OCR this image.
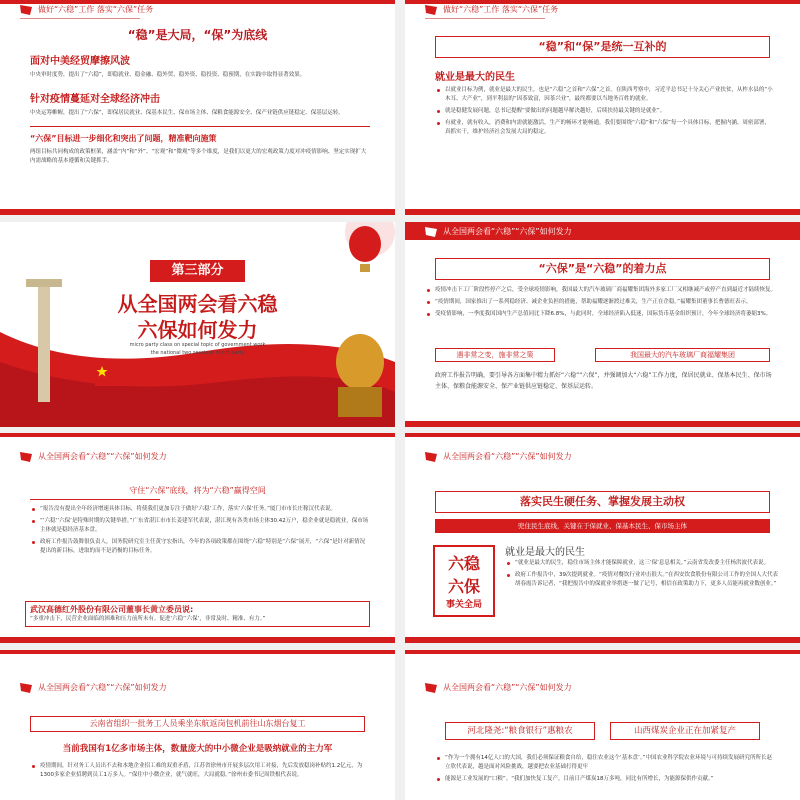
做好“六稳”工作 落实“六保”任务
“稳”是大局，“保”为底线
面对中美经贸摩擦风波
中央审时度势，提出了“六稳”，即稳就业、稳金融、稳外贸、稳外资、稳投资、稳预期，在实践中取得显著效果。
针对疫情蔓延对全球经济冲击
中央运筹帷幄，提出了“六保”，即保居民就业、保基本民生、保市场主体、保粮食能源安全、保产业链供应链稳定、保基层运转。
“六保”目标进一步细化和突出了问题，精准靶向施策
两组目标共同构成的政策框架，涵盖“内”和“外”、“宏观”和“微观”等多个维度，是我们以更大的宏观政策力度对冲疫情影响、坚定实现扩大内需战略的基本遵循和关键抓手。
做好“六稳”工作 落实“六保”任务
“稳”和“保”是统一互补的
就业是最大的民生
以就业目标为例，就业是最大的民生，也是“六稳”之首和“六保”之首。在陕西考察中，习近平总书记十分关心产业扶贫，从柞水县的“小木耳、大产业”，到平利县的“因茶致富，因茶兴业”，最终都要以当地务百姓的就业。
就是稳健发展问题，总书记提醒“要做出的问题越早解决越好，后续扶持最关键的是就业”。
有就业，就有收入，消费和内需就能激活，生产的畅环才能畅通。我们要围绕“六稳”和“六保”每一个具体目标，把握内涵、周密部署，真抓实干，维护经济社会发展大局的稳定。
第三部分
从全国两会看六稳
六保如何发力
micro party class on special topic of government work
the national two sessions micro party
从全国两会看“六稳”“六保”如何发力
“六保”是“六稳”的着力点
疫情冲击下工厂阶段性停产之后，受全球疫情影响，我国最大的汽车玻璃厂商福耀集团海外多家工厂又相继减产或停产直到最近才陆续恢复。
“疫情期间，国家推出了一系列稳经济、减企业负担的措施，帮助福耀逐渐渡过难关，生产正在企稳。”福耀集团董事长曹德旺表示。
受疫情影响，一季度我国国内生产总值同比下降6.8%，与此同时，全球经济陷入低迷，国际货币基金组织预计，今年全球经济将萎缩3%。
遇非常之变，施非常之策	我国最大的汽车玻璃厂商福耀集团
政府工作报告明确，要引导各方面集中精力抓好“六稳”“六保”，并强调加大“六稳”工作力度，保居民就业、保基本民生、保市场主体、保粮食能源安全、保产业链供应链稳定、保基层运转。
从全国两会看“六稳”“六保”如何发力
守住“六保”底线，将为“六稳”赢得空间
“报告没有提出全年经济增速具体目标，将使我们更加专注于做好‘六稳’工作，落实‘六保’任务。”厦门市市长庄稼汉代表说。
“‘六稳’‘六保’是特殊时期的关键举措。”广东省湛江市市长姜建军代表说，湛江现有各类市场主体30.42万户，稳企业就是稳就业，保市场主体就是稳经济基本盘。
政府工作报告鼓舞很负责人，国务院研究室主任黄守宏指出，今年的各项政策都在围绕“六稳”特别是“六保”展开，“六保”是针对新情况提出的新目标，进取的而不是消极的目标任务。
武汉高德红外股份有限公司董事长黄立委员说:
“多重冲击下，民营企业面临的困难和压力前所未有。促进‘六稳’‘六保’，非常及时、精准、有力。”
从全国两会看“六稳”“六保”如何发力
落实民生硬任务、掌握发展主动权
兜住民生底线，关键在于保就业、保基本民生、保市场主体
六稳
六保
事关全局
就业是最大的民生
“就业是最大的民生，稳住市场主体才能保障就业，这三‘保’息息相关。”云南省发改委主任杨洪波代表说。
政府工作报告中，39次提到就业。“疫情对餐饮行业冲击很大。”在西安饮食股份有限公司工作的全国人大代表胡春霞告诉记者，“我把报告中的保就业举措逐一做了记号，相信在政策助力下，更多人员能再就业数创业。”
从全国两会看“六稳”“六保”如何发力
云南省组织一批务工人员乘坐东航返岗包机前往山东烟台复工
当前我国有1亿多市场主体，数量庞大的中小微企业是吸纳就业的主力军
疫情期间，针对务工人员出不去和本地企业招工难的双重矛盾，江苏省徐州市开展多层次用工对接，先后发放稳岗补贴约1.2亿元，为1300多家企业招聘到员工1万多人。“保住中小微企业，就气就旺，大局就稳。”徐州市委书记周铁根代表说。
从全国两会看“六稳”“六保”如何发力
河北隆尧:“粮食银行”惠粮农	山西煤炭企业正在加紧复产
“作为一个拥有14亿人口的大国，我们必须保证粮食自给，稳住农业这个‘基本盘’。”中国农业科学院农业环境与可持续发展研究所所长赵立欣代表说，越是面对风险挑战，越要把农业基础打得更牢
能源是工业发展的“口粮”。“我们加快复工复产，目前日产煤炭18万多吨，同比有所增长，为能源保供作贡献。”
